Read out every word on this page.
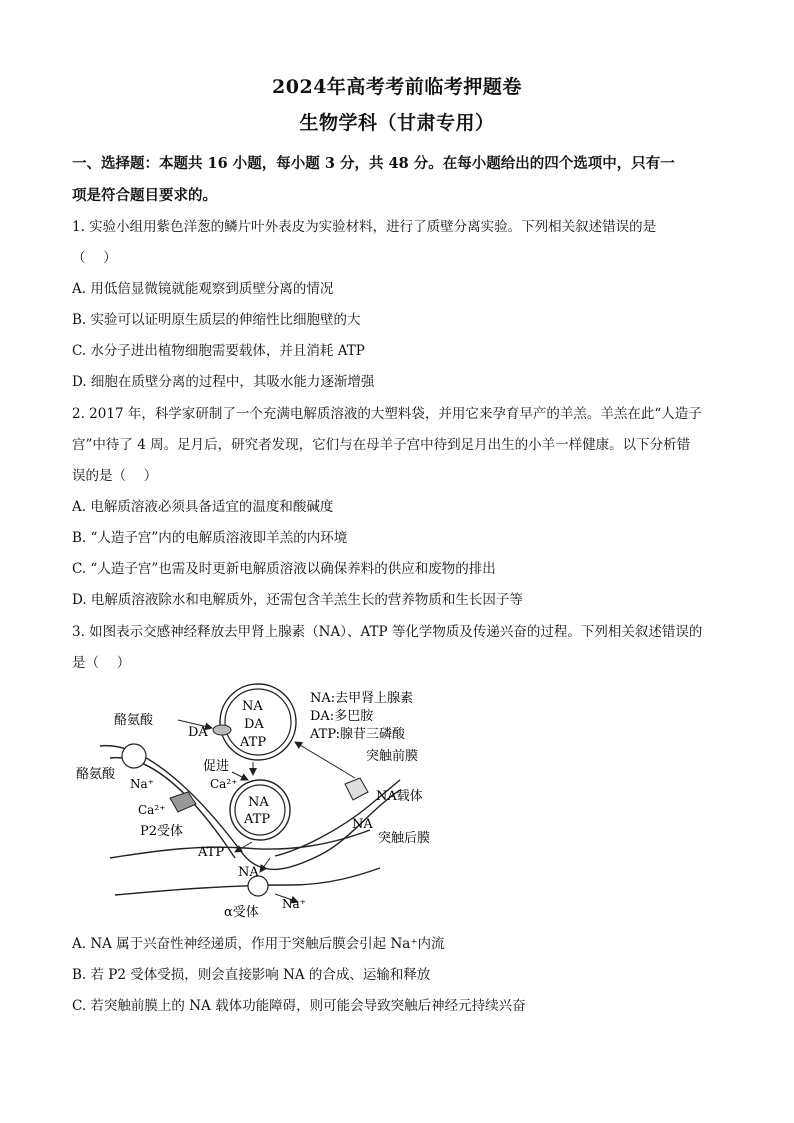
2024年高考考前临考押题卷
生物学科（甘肃专用）
一、选择题：本题共 16 小题，每小题 3 分，共 48 分。在每小题给出的四个选项中，只有一
项是符合题目要求的。
1. 实验小组用紫色洋葱的鳞片叶外表皮为实验材料，进行了质壁分离实验。下列相关叙述错误的是
（　 ）
A. 用低倍显微镜就能观察到质壁分离的情况
B. 实验可以证明原生质层的伸缩性比细胞壁的大
C. 水分子进出植物细胞需要载体，并且消耗 ATP
D. 细胞在质壁分离的过程中，其吸水能力逐渐增强
2. 2017 年，科学家研制了一个充满电解质溶液的大塑料袋，并用它来孕育早产的羊羔。羊羔在此“人造子
宫”中待了 4 周。足月后，研究者发现，它们与在母羊子宫中待到足月出生的小羊一样健康。以下分析错
误的是（　 ）
A. 电解质溶液必须具备适宜的温度和酸碱度
B. “人造子宫”内的电解质溶液即羊羔的内环境
C. “人造子宫”也需及时更新电解质溶液以确保养料的供应和废物的排出
D. 电解质溶液除水和电解质外，还需包含羊羔生长的营养物质和生长因子等
3. 如图表示交感神经释放去甲肾上腺素（NA）、ATP 等化学物质及传递兴奋的过程。下列相关叙述错误的
是（　 ）
NA:去甲肾上腺素
DA:多巴胺
ATP:腺苷三磷酸
酪氨酸
酪氨酸
DA
NA
DA
ATP
促进
Ca²⁺
Na⁺
Ca²⁺
P2受体
NA
ATP
突触前膜
NA载体
NA
突触后膜
ATP
NA
α受体
Na⁺
A. NA 属于兴奋性神经递质，作用于突触后膜会引起 Na⁺内流
B. 若 P2 受体受损，则会直接影响 NA 的合成、运输和释放
C. 若突触前膜上的 NA 载体功能障碍，则可能会导致突触后神经元持续兴奋
